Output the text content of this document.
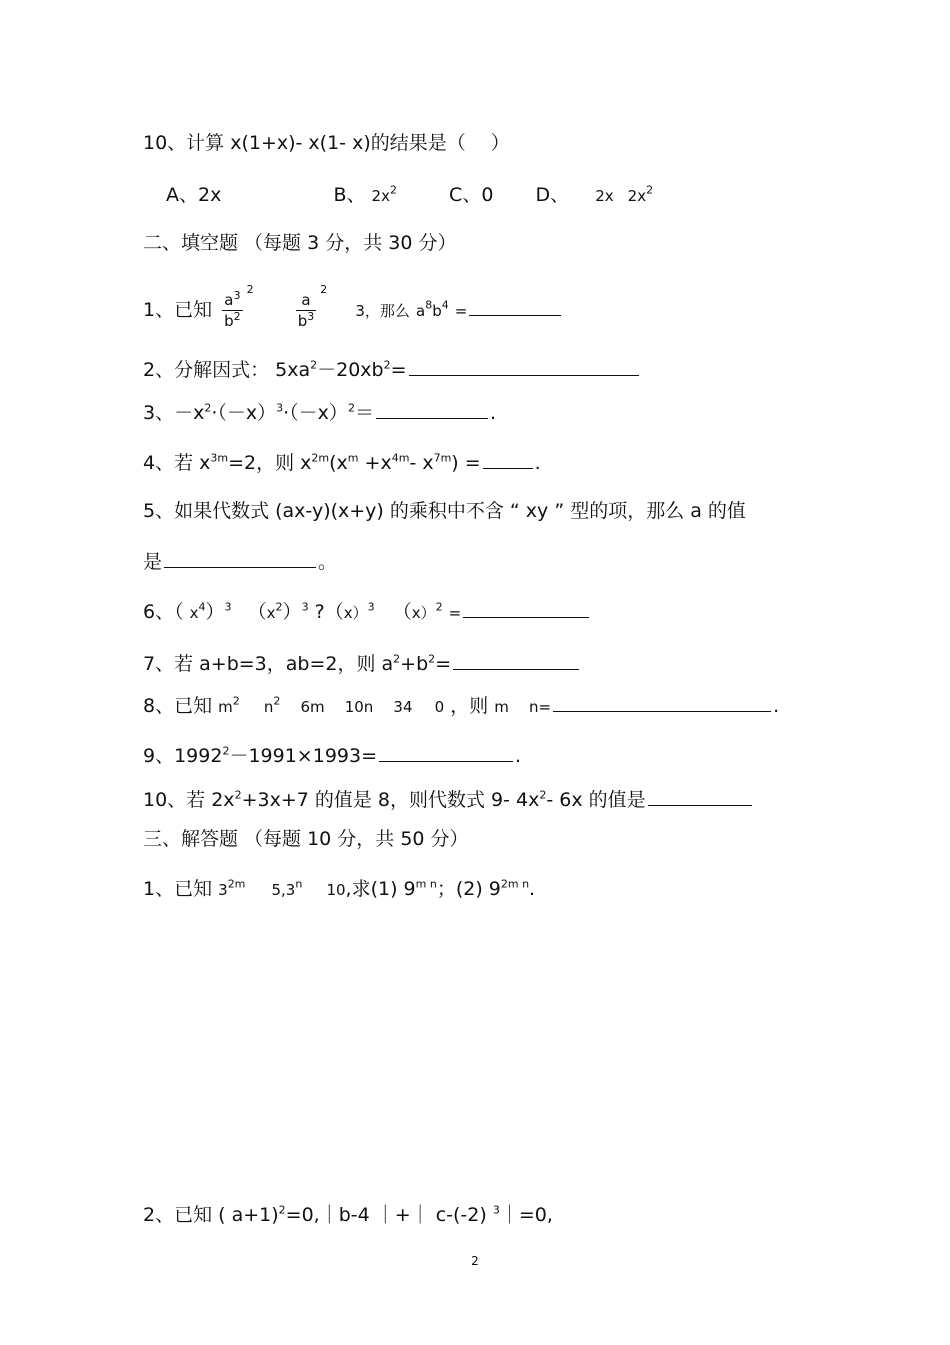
10、计算 x(1+x)- x(1- x)的结果是（　 ）
A、2x	B、 $2x^2$	C、0 D、 2x $2x^2$
二、填空题 （每题 3 分，共 30 分）
1、已知 $\frac{a^3}{b^2}$
$^2$
$\frac{a}{b^3}$
$^2$  3，那么 $a^8b^4$ =
2、分解因式： $5xa^2-20xb^2=$
3、$-x^2\cdot(-x)^3\cdot(-x)^2=$	.
4、若 $x^{3m}=2$，则 $x^{2m}(x^m +x^{4m}-$ $x^{7m}$) =	.
5、如果代数式 (ax-y)(x+y) 的乘积中不含 “ xy ” 型的项，那么 a 的值
是	。
6、（ $x^4)^3$ $(x^2)^3$ $?(x)^3$ $(x)^2$ =
7、若 a+b=3，ab=2，则 $a^2+b^2=$
8、已知 $m^2$ $n^2$ 6m 10n 34 0 ，则 m n=	.
9、$1992^2-1991\times 1993=$	.
10、若 $2x^2+3x+7$ 的值是 8，则代数式 9- $4x^2-$ 6x 的值是
三、解答题 （每题 10 分，共 50 分）
1、已知 $3^{2m}$ 5,3$^n$ 10,求(1) $9^{m n}$；(2) $9^{2m n}$.
2、已知 ( a+1)$^2$=0,｜b-4 ｜+｜ c-(-2) $^3$｜=0,
2
